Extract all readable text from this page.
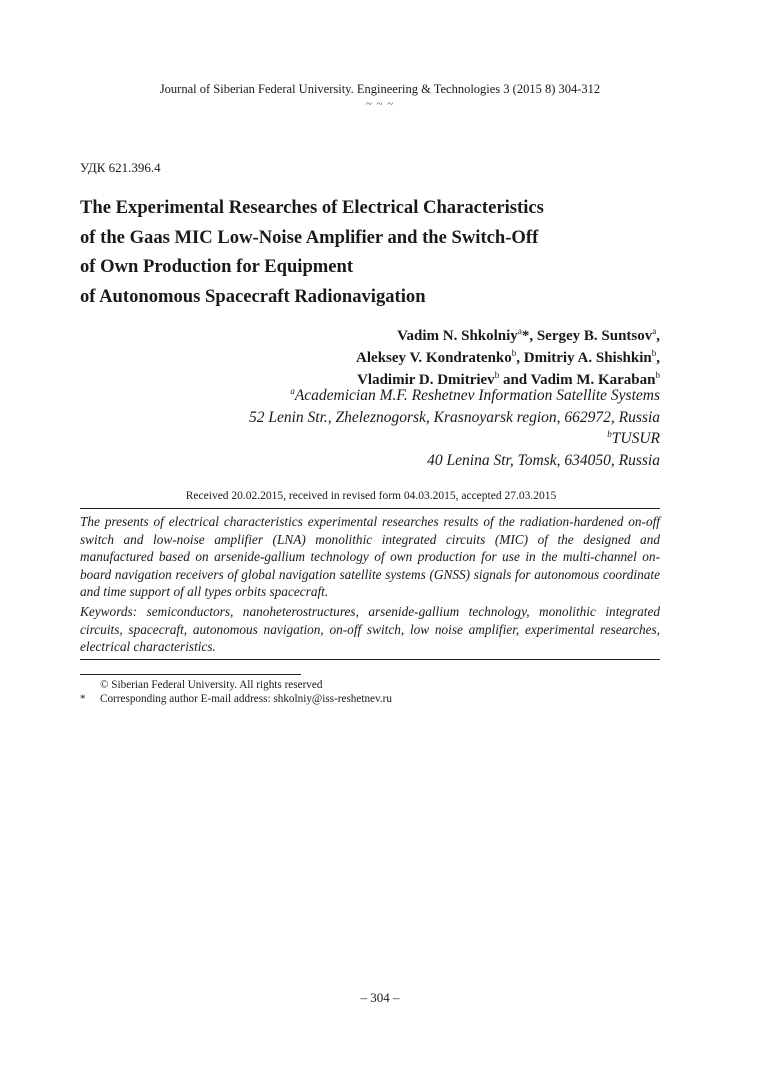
Journal of Siberian Federal University. Engineering & Technologies 3 (2015 8) 304-312
~ ~ ~
УДК 621.396.4
The Experimental Researches of Electrical Characteristics
of the Gaas MIC Low-Noise Amplifier and the Switch-Off
of Own Production for Equipment
of Autonomous Spacecraft Radionavigation
Vadim N. Shkolniy$^a$*, Sergey B. Suntsov$^a$,
Aleksey V. Kondratenko$^b$, Dmitriy A. Shishkin$^b$,
Vladimir D. Dmitriev$^b$ and Vadim M. Karaban$^b$
$^a$Academician M.F. Reshetnev Information Satellite Systems
52 Lenin Str., Zheleznogorsk, Krasnoyarsk region, 662972, Russia
$^b$TUSUR
40 Lenina Str, Tomsk, 634050, Russia
Received 20.02.2015, received in revised form 04.03.2015, accepted 27.03.2015
The presents of electrical characteristics experimental researches results of the radiation-hardened on-off switch and low-noise amplifier (LNA) monolithic integrated circuits (MIC) of the designed and manufactured based on arsenide-gallium technology of own production for use in the multi-channel on-board navigation receivers of global navigation satellite systems (GNSS) signals for autonomous coordinate and time support of all types orbits spacecraft.
Keywords: semiconductors, nanoheterostructures, arsenide-gallium technology, monolithic integrated circuits, spacecraft, autonomous navigation, on-off switch, low noise amplifier, experimental researches, electrical characteristics.
© Siberian Federal University. All rights reserved
* Corresponding author E-mail address: shkolniy@iss-reshetnev.ru
– 304 –
